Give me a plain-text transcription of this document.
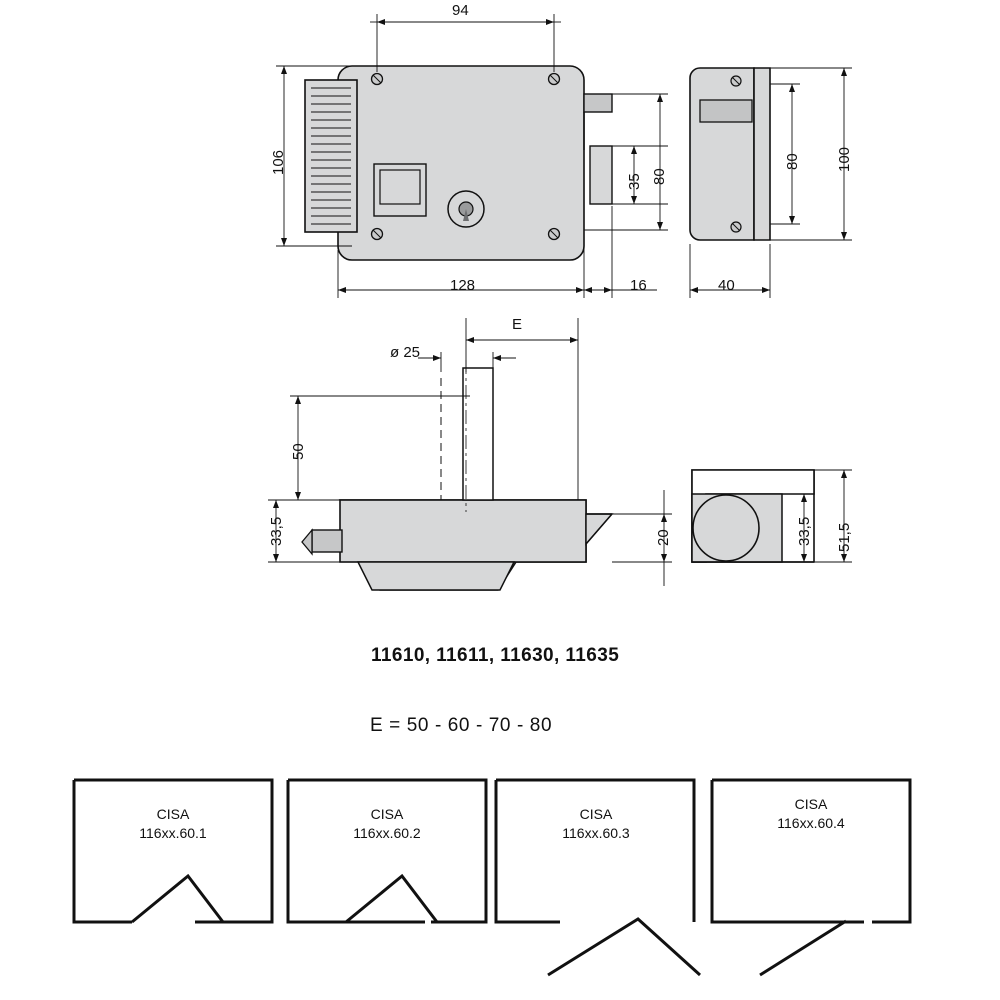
94
106
128	16
80
35
80 100
40
E
ø 25
50
33,5	20	33,5 51,5
11610, 11611, 11630, 11635
E = 50 - 60 - 70 - 80
CISA
116xx.60.1
CISA
116xx.60.2
CISA
116xx.60.3
CISA
116xx.60.4
